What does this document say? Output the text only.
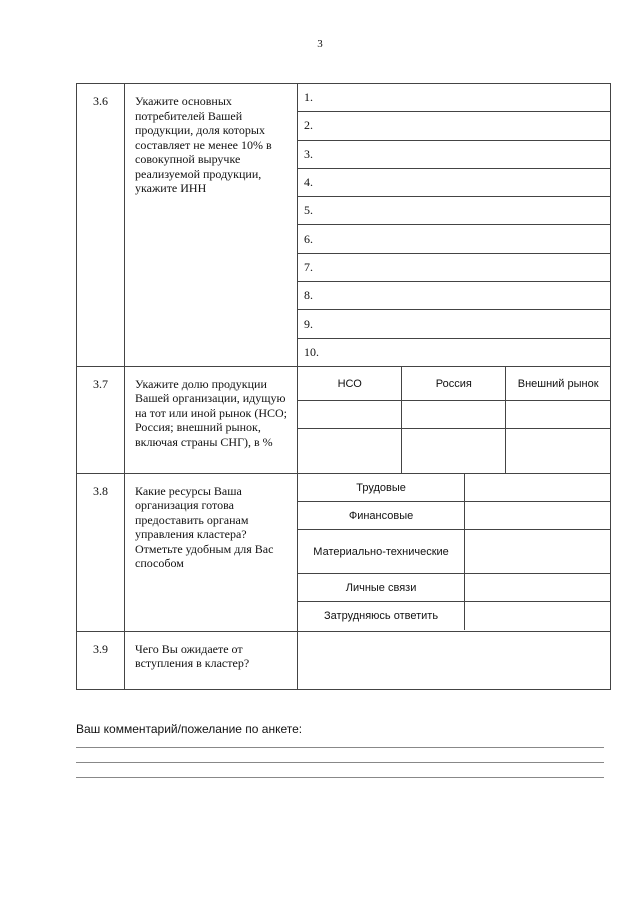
3
3.6	Укажите основных потребителей Вашей продукции, доля которых составляет не менее 10% в совокупной выручке реализуемой продукции, укажите ИНН	
1.
2.
3.
4.
5.
6.
7.
8.
9.
10.

3.7	Укажите долю продукции Вашей организации, идущую на тот или иной рынок (НСО; Россия; внешний рынок, включая страны СНГ), в %	
НСО	Россия	Внешний рынок

3.8	Какие ресурсы Ваша организация готова предоставить органам управления кластера? Отметьте удобным для Вас способом	
Трудовые	
Финансовые	
Материально-технические	
Личные связи	
Затрудняюсь ответить	

3.9	Чего Вы ожидаете от вступления в кластер?	
Ваш комментарий/пожелание по анкете:
